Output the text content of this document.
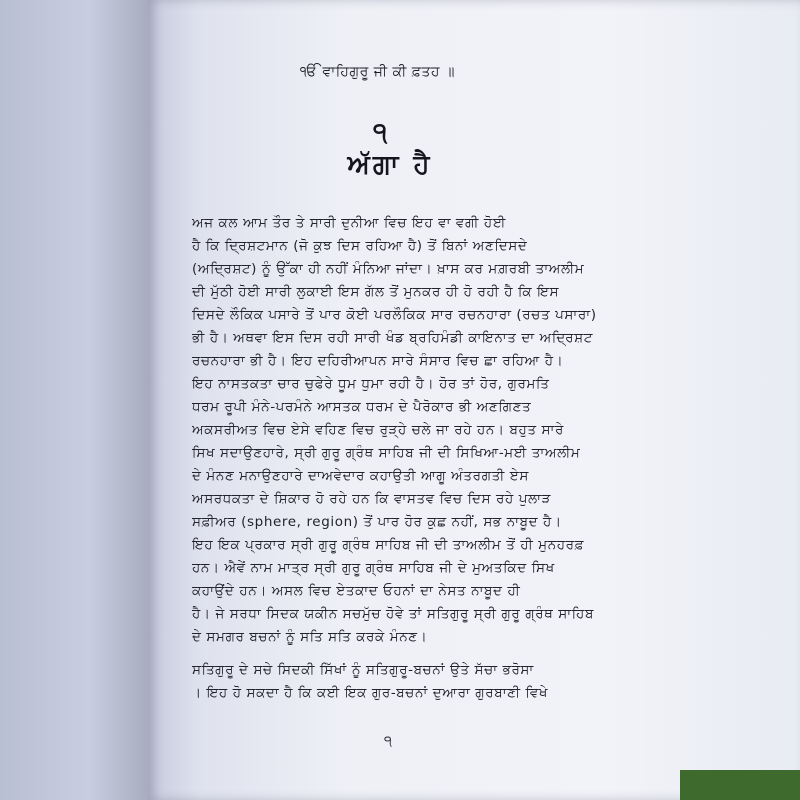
ੴ ਵਾਹਿਗੁਰੂ ਜੀ ਕੀ ਫ਼ਤਹ ॥
੧
ਅੱਗਾ ਹੈ
ਅਜ ਕਲ ਆਮ ਤੌਰ ਤੇ ਸਾਰੀ ਦੁਨੀਆ ਵਿਚ ਇਹ ਵਾ ਵਗੀ ਹੋਈ
ਹੈ ਕਿ ਦ੍ਰਿਸ਼ਟਮਾਨ (ਜੋ ਕੁਝ ਦਿਸ ਰਹਿਆ ਹੈ) ਤੋਂ ਬਿਨਾਂ ਅਣਦਿਸਦੇ
(ਅਦ੍ਰਿਸ਼ਟ) ਨੂੰ ਉੱਕਾ ਹੀ ਨਹੀਂ ਮੰਨਿਆ ਜਾਂਦਾ। ਖ਼ਾਸ ਕਰ ਮਗ਼ਰਬੀ ਤਾਅਲੀਮ
ਦੀ ਮੁੱਠੀ ਹੋਈ ਸਾਰੀ ਲੁਕਾਈ ਇਸ ਗੱਲ ਤੋਂ ਮੁਨਕਰ ਹੀ ਹੋ ਰਹੀ ਹੈ ਕਿ ਇਸ
ਦਿਸਦੇ ਲੌਕਿਕ ਪਸਾਰੇ ਤੋਂ ਪਾਰ ਕੋਈ ਪਰਲੌਕਿਕ ਸਾਰ ਰਚਨਹਾਰਾ (ਰਚਤ ਪਸਾਰਾ)
ਭੀ ਹੈ। ਅਥਵਾ ਇਸ ਦਿਸ ਰਹੀ ਸਾਰੀ ਖੰਡ ਬ੍ਰਹਿਮੰਡੀ ਕਾਇਨਾਤ ਦਾ ਅਦ੍ਰਿਸ਼ਟ
ਰਚਨਹਾਰਾ ਭੀ ਹੈ। ਇਹ ਦਹਿਰੀਆਪਨ ਸਾਰੇ ਸੰਸਾਰ ਵਿਚ ਛਾ ਰਹਿਆ ਹੈ।
ਇਹ ਨਾਸਤਕਤਾ ਚਾਰ ਚੁਫੇਰੇ ਧੂਮ ਧੁਮਾ ਰਹੀ ਹੈ। ਹੋਰ ਤਾਂ ਹੋਰ, ਗੁਰਮਤਿ
ਧਰਮ ਰੂਪੀ ਮੰਨੇ-ਪਰਮੰਨੇ ਆਸਤਕ ਧਰਮ ਦੇ ਪੈਰੋਕਾਰ ਭੀ ਅਣਗਿਣਤ
ਅਕਸਰੀਅਤ ਵਿਚ ਏਸੇ ਵਹਿਣ ਵਿਚ ਰੁੜ੍ਹੇ ਚਲੇ ਜਾ ਰਹੇ ਹਨ। ਬਹੁਤ ਸਾਰੇ
ਸਿਖ ਸਦਾਉਣਹਾਰੇ, ਸ੍ਰੀ ਗੁਰੂ ਗ੍ਰੰਥ ਸਾਹਿਬ ਜੀ ਦੀ ਸਿਖਿਆ-ਮਈ ਤਾਅਲੀਮ
ਦੇ ਮੰਨਣ ਮਨਾਉਣਹਾਰੇ ਦਾਅਵੇਦਾਰ ਕਹਾਉਤੀ ਆਗੂ ਅੰਤਰਗਤੀ ਏਸ
ਅਸਰਧਕਤਾ ਦੇ ਸ਼ਿਕਾਰ ਹੋ ਰਹੇ ਹਨ ਕਿ ਵਾਸਤਵ ਵਿਚ ਦਿਸ ਰਹੇ ਪੁਲਾੜ
ਸਫ਼ੀਅਰ (sphere, region) ਤੋਂ ਪਾਰ ਹੋਰ ਕੁਛ ਨਹੀਂ, ਸਭ ਨਾਬੂਦ ਹੈ।
ਇਹ ਇਕ ਪ੍ਰਕਾਰ ਸ੍ਰੀ ਗੁਰੂ ਗ੍ਰੰਥ ਸਾਹਿਬ ਜੀ ਦੀ ਤਾਅਲੀਮ ਤੋਂ ਹੀ ਮੁਨਹਰਫ਼
ਹਨ। ਐਵੇਂ ਨਾਮ ਮਾਤ੍ਰ ਸ੍ਰੀ ਗੁਰੂ ਗ੍ਰੰਥ ਸਾਹਿਬ ਜੀ ਦੇ ਮੁਅਤਕਿਦ ਸਿਖ
ਕਹਾਉਂਦੇ ਹਨ। ਅਸਲ ਵਿਚ ਏਤਕਾਦ ਓਹਨਾਂ ਦਾ ਨੇਸਤ ਨਾਬੂਦ ਹੀ
ਹੈ। ਜੇ ਸਰਧਾ ਸਿਦਕ ਯਕੀਨ ਸਚਮੁੱਚ ਹੋਵੇ ਤਾਂ ਸਤਿਗੁਰੂ ਸ੍ਰੀ ਗੁਰੂ ਗ੍ਰੰਥ ਸਾਹਿਬ
ਦੇ ਸਮਗਰ ਬਚਨਾਂ ਨੂੰ ਸਤਿ ਸਤਿ ਕਰਕੇ ਮੰਨਣ।
ਸਤਿਗੁਰੂ ਦੇ ਸਚੇ ਸਿਦਕੀ ਸਿੱਖਾਂ ਨੂੰ ਸਤਿਗੁਰੂ-ਬਚਨਾਂ ਉਤੇ ਸੱਚਾ ਭਰੋਸਾ
। ਇਹ ਹੋ ਸਕਦਾ ਹੈ ਕਿ ਕਈ ਇਕ ਗੁਰ-ਬਚਨਾਂ ਦੁਆਰਾ ਗੁਰਬਾਣੀ ਵਿਖੇ
੧
